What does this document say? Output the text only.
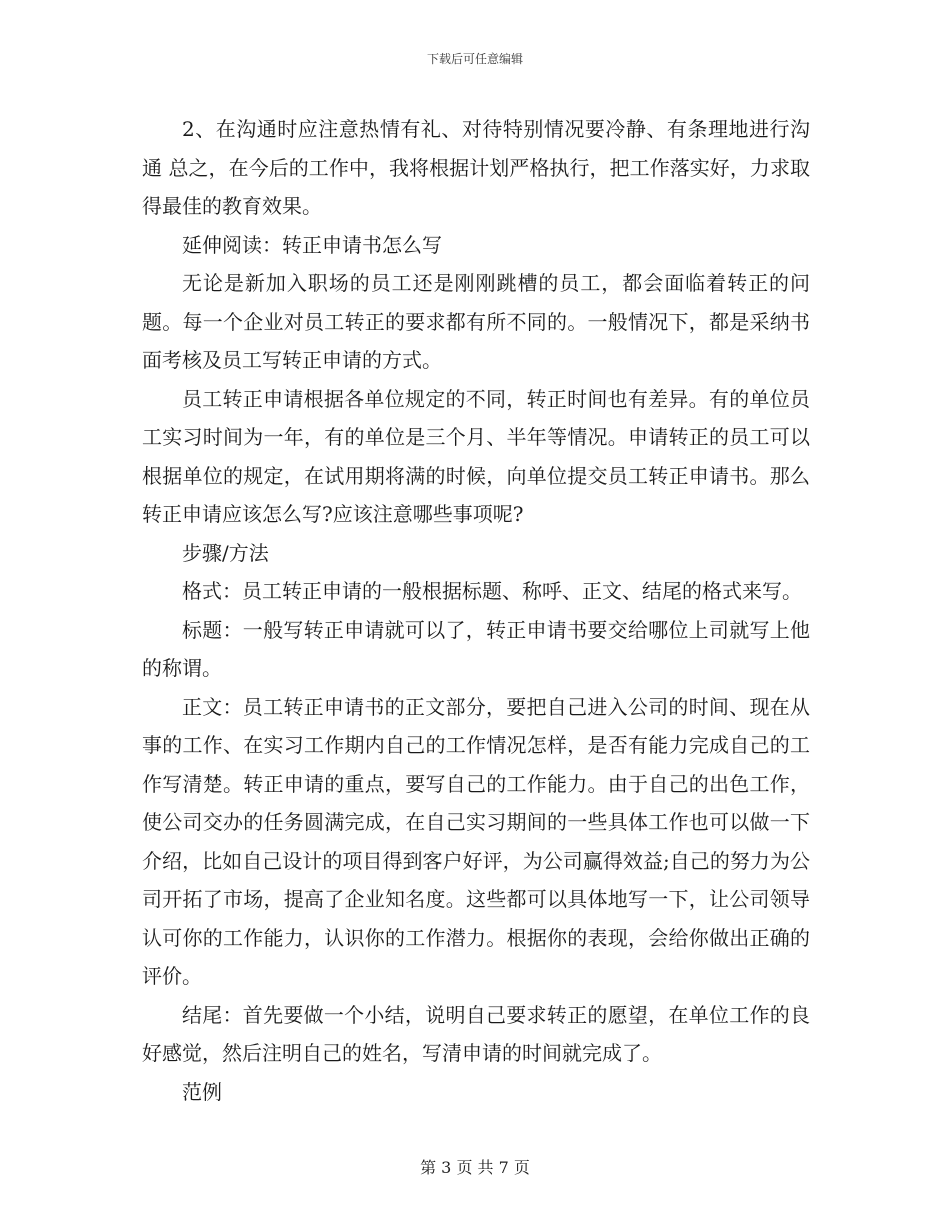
下载后可任意编辑

2、在沟通时应注意热情有礼、对待特别情况要冷静、有条理地进行沟通 总之，在今后的工作中，我将根据计划严格执行，把工作落实好，力求取得最佳的教育效果。

延伸阅读：转正申请书怎么写

无论是新加入职场的员工还是刚刚跳槽的员工，都会面临着转正的问题。每一个企业对员工转正的要求都有所不同的。一般情况下，都是采纳书面考核及员工写转正申请的方式。

员工转正申请根据各单位规定的不同，转正时间也有差异。有的单位员工实习时间为一年，有的单位是三个月、半年等情况。申请转正的员工可以根据单位的规定，在试用期将满的时候，向单位提交员工转正申请书。那么转正申请应该怎么写?应该注意哪些事项呢?

步骤/方法

格式：员工转正申请的一般根据标题、称呼、正文、结尾的格式来写。

标题：一般写转正申请就可以了，转正申请书要交给哪位上司就写上他的称谓。

正文：员工转正申请书的正文部分，要把自己进入公司的时间、现在从事的工作、在实习工作期内自己的工作情况怎样，是否有能力完成自己的工作写清楚。转正申请的重点，要写自己的工作能力。由于自己的出色工作，使公司交办的任务圆满完成，在自己实习期间的一些具体工作也可以做一下介绍，比如自己设计的项目得到客户好评，为公司赢得效益;自己的努力为公司开拓了市场，提高了企业知名度。这些都可以具体地写一下，让公司领导认可你的工作能力，认识你的工作潜力。根据你的表现，会给你做出正确的评价。

结尾：首先要做一个小结，说明自己要求转正的愿望，在单位工作的良好感觉，然后注明自己的姓名，写清申请的时间就完成了。

范例

第 3 页 共 7 页
